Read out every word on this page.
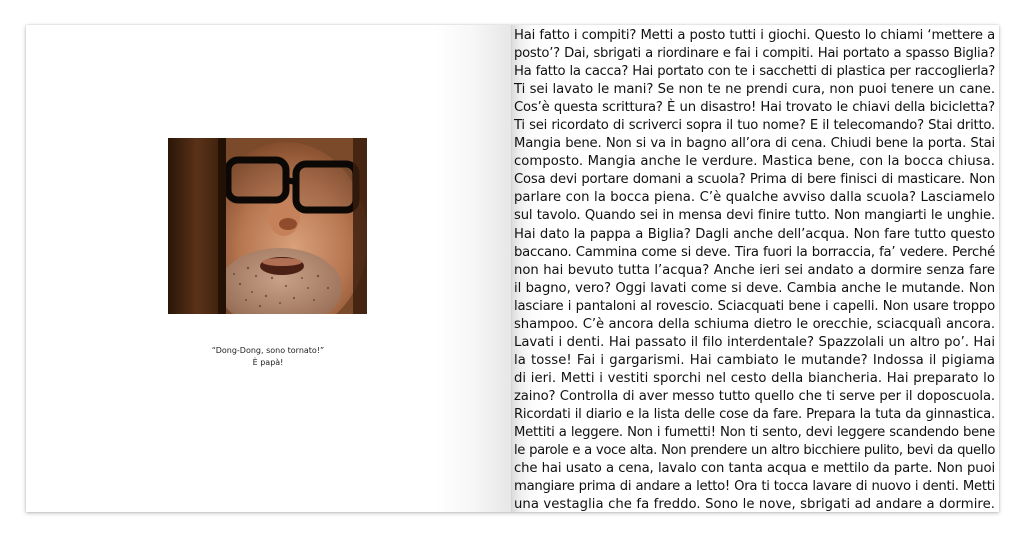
“Dong-Dong, sono tornato!”
È papà!
Hai fatto i compiti? Metti a posto tutti i giochi. Questo lo chiami ‘mettere a
posto’? Dai, sbrigati a riordinare e fai i compiti. Hai portato a spasso Biglia?
Ha fatto la cacca? Hai portato con te i sacchetti di plastica per raccoglierla?
Ti sei lavato le mani? Se non te ne prendi cura, non puoi tenere un cane.
Cos’è questa scrittura? È un disastro! Hai trovato le chiavi della bicicletta?
Ti sei ricordato di scriverci sopra il tuo nome? E il telecomando? Stai dritto.
Mangia bene. Non si va in bagno all’ora di cena. Chiudi bene la porta. Stai
composto. Mangia anche le verdure. Mastica bene, con la bocca chiusa.
Cosa devi portare domani a scuola? Prima di bere finisci di masticare. Non
parlare con la bocca piena. C’è qualche avviso dalla scuola? Lasciamelo
sul tavolo. Quando sei in mensa devi finire tutto. Non mangiarti le unghie.
Hai dato la pappa a Biglia? Dagli anche dell’acqua. Non fare tutto questo
baccano. Cammina come si deve. Tira fuori la borraccia, fa’ vedere. Perché
non hai bevuto tutta l’acqua? Anche ieri sei andato a dormire senza fare
il bagno, vero? Oggi lavati come si deve. Cambia anche le mutande. Non
lasciare i pantaloni al rovescio. Sciacquati bene i capelli. Non usare troppo
shampoo. C’è ancora della schiuma dietro le orecchie, sciacqualì ancora.
Lavati i denti. Hai passato il filo interdentale? Spazzolali un altro po’. Hai
la tosse! Fai i gargarismi. Hai cambiato le mutande? Indossa il pigiama
di ieri. Metti i vestiti sporchi nel cesto della biancheria. Hai preparato lo
zaino? Controlla di aver messo tutto quello che ti serve per il doposcuola.
Ricordati il diario e la lista delle cose da fare. Prepara la tuta da ginnastica.
Mettiti a leggere. Non i fumetti! Non ti sento, devi leggere scandendo bene
le parole e a voce alta. Non prendere un altro bicchiere pulito, bevi da quello
che hai usato a cena, lavalo con tanta acqua e mettilo da parte. Non puoi
mangiare prima di andare a letto! Ora ti tocca lavare di nuovo i denti. Metti
una vestaglia che fa freddo. Sono le nove, sbrigati ad andare a dormire.
